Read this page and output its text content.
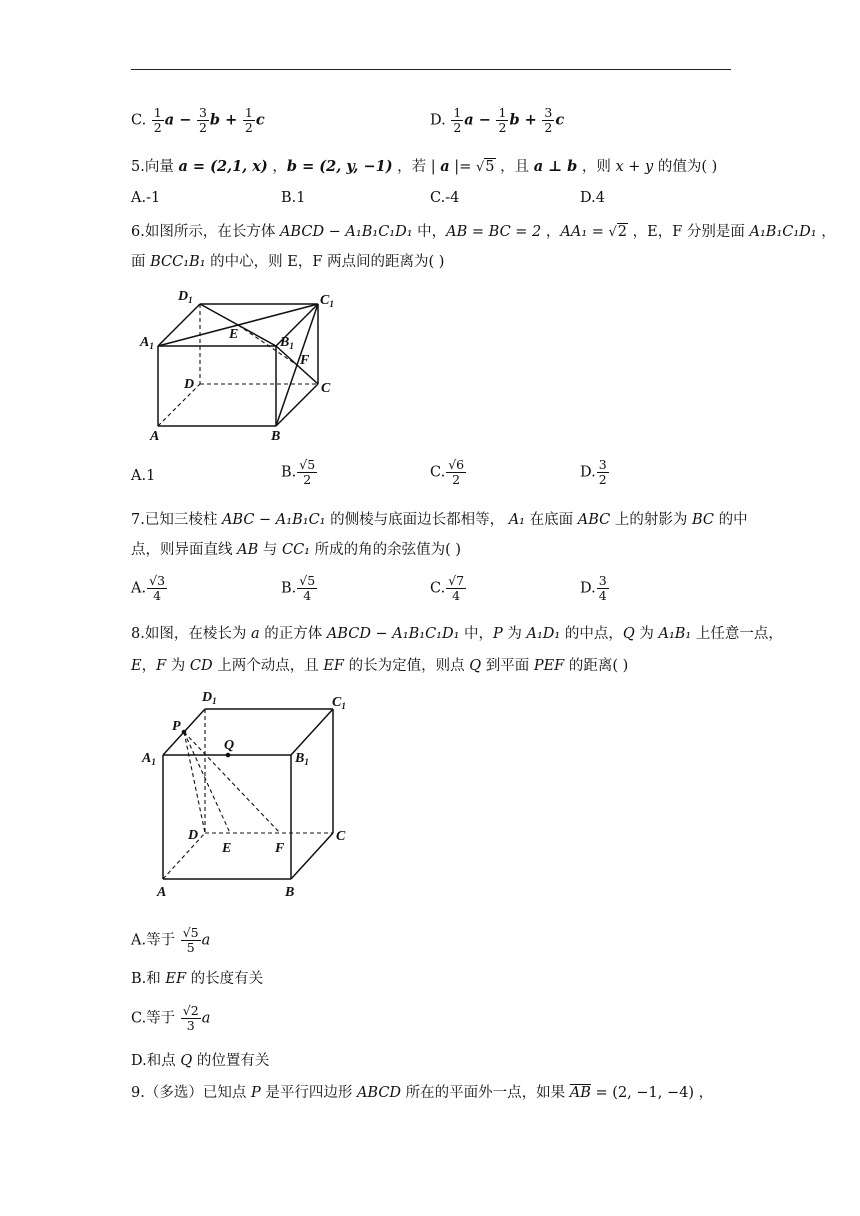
C. $\frac{1}{2}$ $a - \frac{3}{2}$ $b + \frac{1}{2}$ c	D. $\frac{1}{2}$ $a - \frac{1}{2}$ $b + \frac{3}{2}$ c
5.向量 a = (2,1, x) ，b = (2, y, −1) ，若 | a |= √5 ，且 a ⊥ b ，则 x + y 的值为( )
A.-1	B.1	C.-4	D.4
6.如图所示，在长方体 ABCD − A₁B₁C₁D₁ 中，AB = BC = 2 ，AA₁ = √2 ，E，F 分别是面 A₁B₁C₁D₁ ，
面 BCC₁B₁ 的中心，则 E，F 两点间的距离为( )
$D_1$	$C_1$
$A_1$	$B_1$
E
F
D	C
A	B
A.1	B. $\frac{√5}{2}$	C. $\frac{√6}{2}$	D. $\frac{3}{2}$
7.已知三棱柱 ABC − A₁B₁C₁ 的侧棱与底面边长都相等， A₁ 在底面 ABC 上的射影为 BC 的中
点，则异面直线 AB 与 CC₁ 所成的角的余弦值为( )
A. $\frac{√3}{4}$	B. $\frac{√5}{4}$	C. $\frac{√7}{4}$	D. $\frac{3}{4}$
8.如图，在棱长为 a 的正方体 ABCD − A₁B₁C₁D₁ 中，P 为 A₁D₁ 的中点，Q 为 A₁B₁ 上任意一点，
E，F 为 CD 上两个动点，且 EF 的长为定值，则点 Q 到平面 PEF 的距离( )
$D_1$	$C_1$
$A_1$	$B_1$
P
Q
D
E	F
C
A	B
A.等于 $\frac{√5}{5}$ a
B.和 EF 的长度有关
C.等于 $\frac{√2}{3}$ a
D.和点 Q 的位置有关
9.（多选）已知点 P 是平行四边形 ABCD 所在的平面外一点，如果 $\overline{AB} = (2$, −1, −4) ，
